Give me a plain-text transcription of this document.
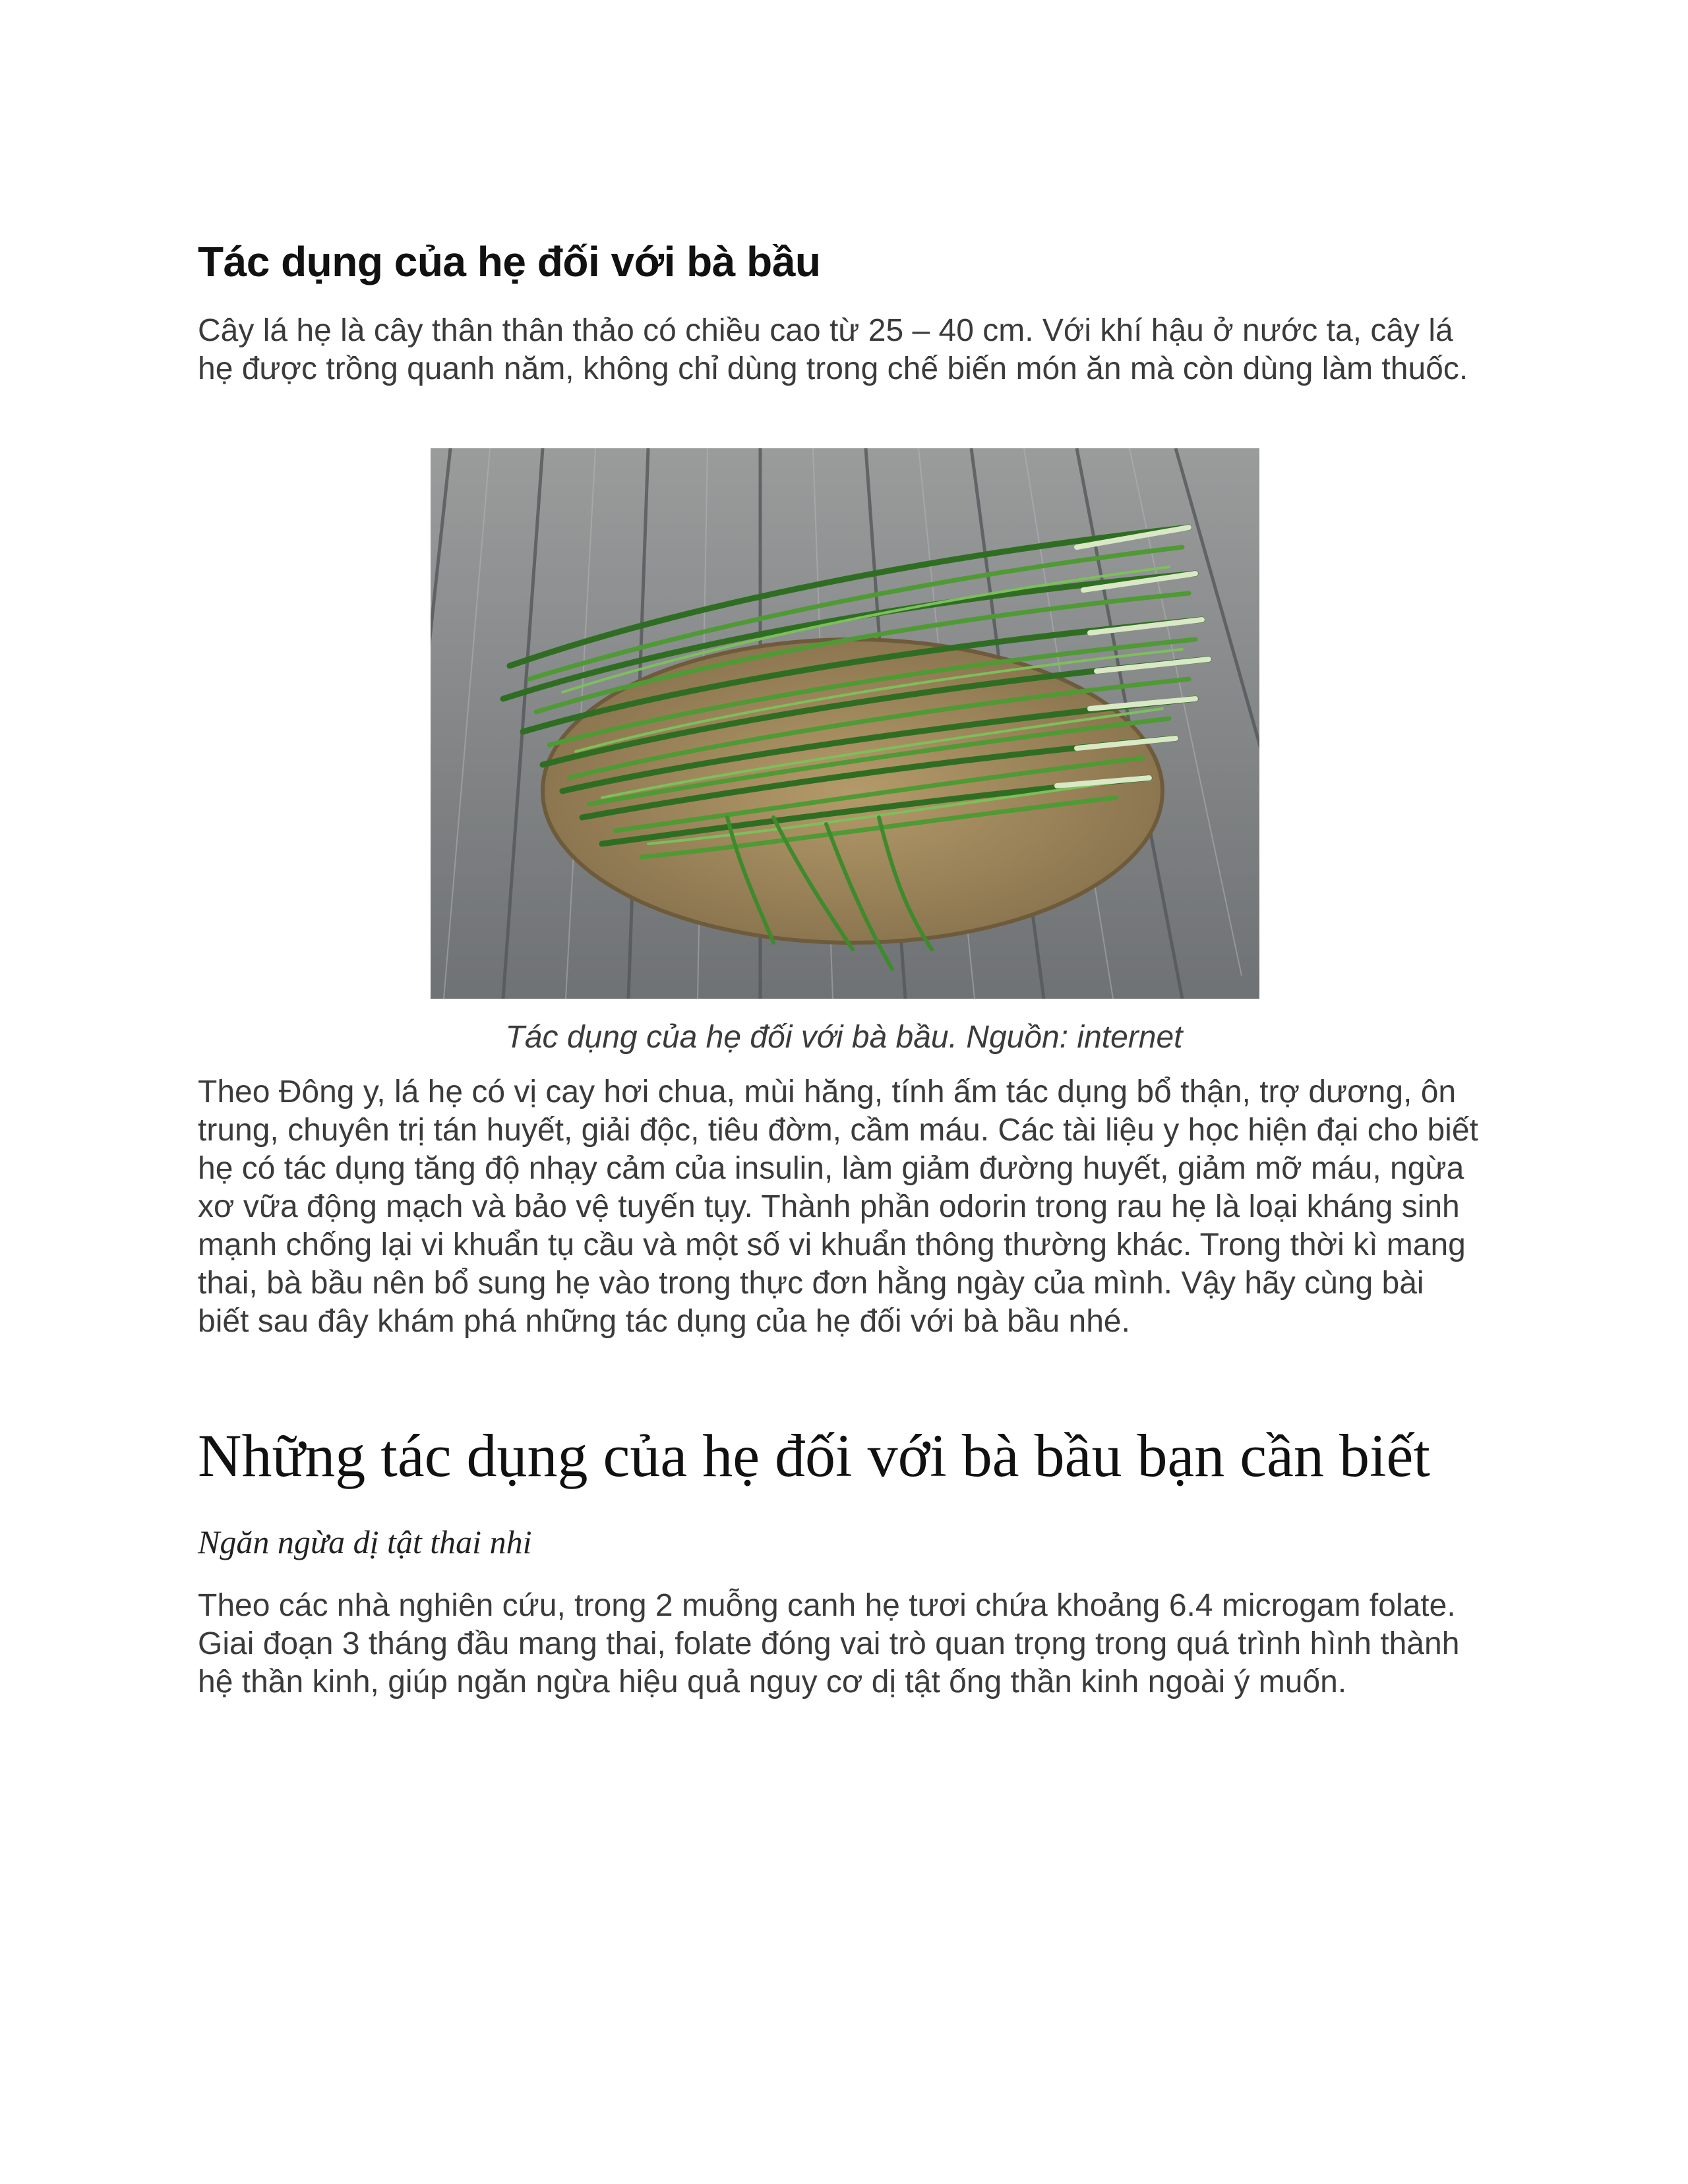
Tác dụng của hẹ đối với bà bầu

Cây lá hẹ là cây thân thân thảo có chiều cao từ 25 – 40 cm. Với khí hậu ở nước ta, cây lá hẹ được trồng quanh năm, không chỉ dùng trong chế biến món ăn mà còn dùng làm thuốc.

Tác dụng của hẹ đối với bà bầu. Nguồn: internet

Theo Đông y, lá hẹ có vị cay hơi chua, mùi hăng, tính ấm tác dụng bổ thận, trợ dương, ôn trung, chuyên trị tán huyết, giải độc, tiêu đờm, cầm máu. Các tài liệu y học hiện đại cho biết hẹ có tác dụng tăng độ nhạy cảm của insulin, làm giảm đường huyết, giảm mỡ máu, ngừa xơ vữa động mạch và bảo vệ tuyến tụy. Thành phần odorin trong rau hẹ là loại kháng sinh mạnh chống lại vi khuẩn tụ cầu và một số vi khuẩn thông thường khác. Trong thời kì mang thai, bà bầu nên bổ sung hẹ vào trong thực đơn hằng ngày của mình. Vậy hãy cùng bài biết sau đây khám phá những tác dụng của hẹ đối với bà bầu nhé.

Những tác dụng của hẹ đối với bà bầu bạn cần biết
Ngăn ngừa dị tật thai nhi

Theo các nhà nghiên cứu, trong 2 muỗng canh hẹ tươi chứa khoảng 6.4 microgam folate. Giai đoạn 3 tháng đầu mang thai, folate đóng vai trò quan trọng trong quá trình hình thành hệ thần kinh, giúp ngăn ngừa hiệu quả nguy cơ dị tật ống thần kinh ngoài ý muốn.
